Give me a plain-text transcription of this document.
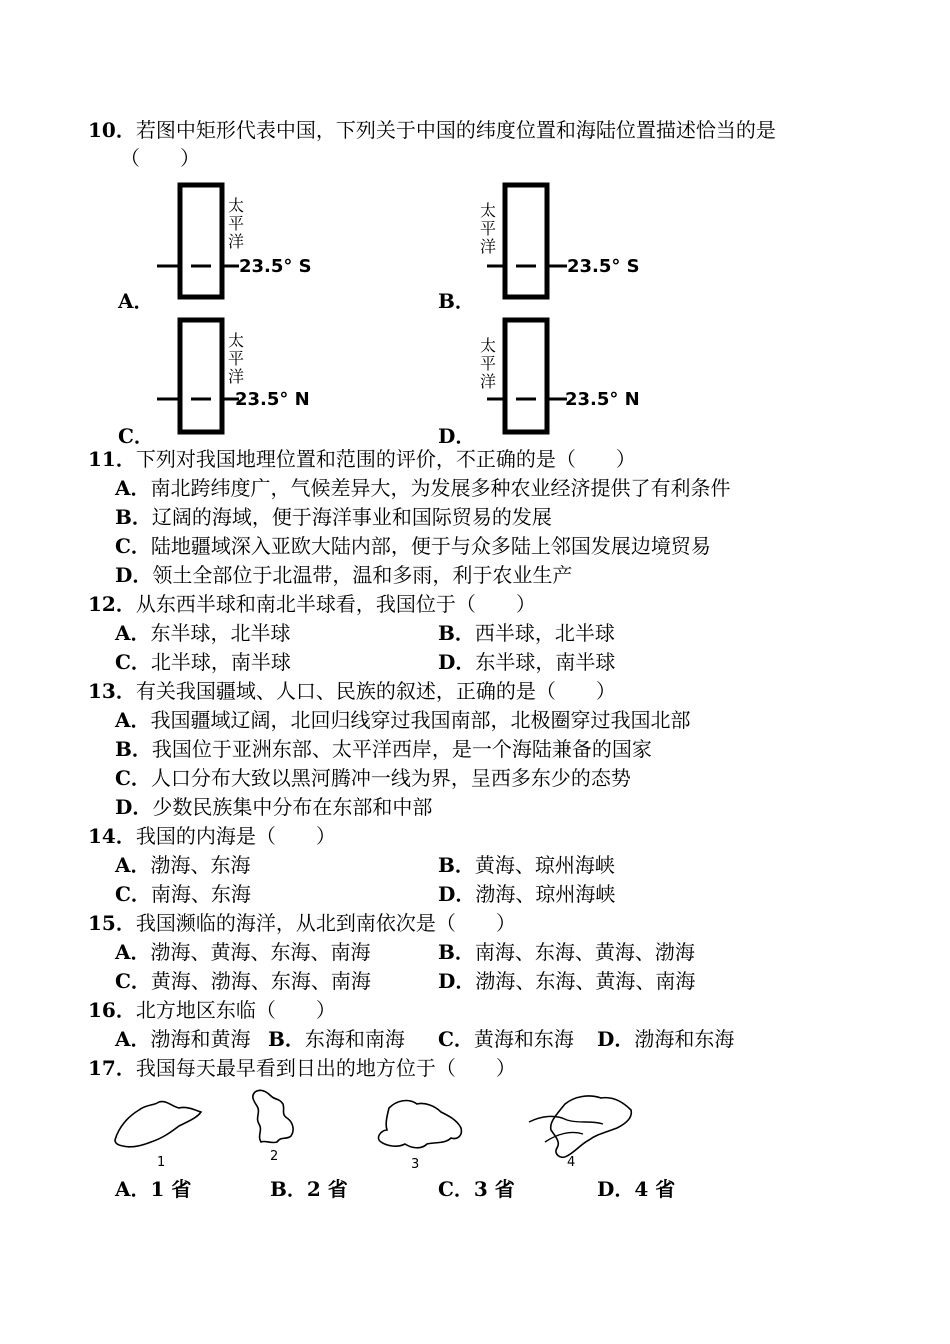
10．若图中矩形代表中国，下列关于中国的纬度位置和海陆位置描述恰当的是
（　　）
太
平
洋
23.5° S
A．
太
平
洋
23.5° S
B．
太
平
洋
23.5° N
C．
太
平
洋
23.5° N
D．
11．下列对我国地理位置和范围的评价，不正确的是（　　）
A．南北跨纬度广，气候差异大，为发展多种农业经济提供了有利条件
B．辽阔的海域，便于海洋事业和国际贸易的发展
C．陆地疆域深入亚欧大陆内部，便于与众多陆上邻国发展边境贸易
D．领土全部位于北温带，温和多雨，利于农业生产
12．从东西半球和南北半球看，我国位于（　　）
A．东半球，北半球	B．西半球，北半球
C．北半球，南半球	D．东半球，南半球
13．有关我国疆域、人口、民族的叙述，正确的是（　　）
A．我国疆域辽阔，北回归线穿过我国南部，北极圈穿过我国北部
B．我国位于亚洲东部、太平洋西岸，是一个海陆兼备的国家
C．人口分布大致以黑河腾冲一线为界，呈西多东少的态势
D．少数民族集中分布在东部和中部
14．我国的内海是（　　）
A．渤海、东海	B．黄海、琼州海峡
C．南海、东海	D．渤海、琼州海峡
15．我国濒临的海洋，从北到南依次是（　　）
A．渤海、黄海、东海、南海	B．南海、东海、黄海、渤海
C．黄海、渤海、东海、南海	D．渤海、东海、黄海、南海
16．北方地区东临（　　）
A．渤海和黄海 B．东海和南海 C．黄海和东海 D．渤海和东海
17．我国每天最早看到日出的地方位于（　　）
1	2
3	4
A．1 省	B．2 省	C．3 省	D．4 省
